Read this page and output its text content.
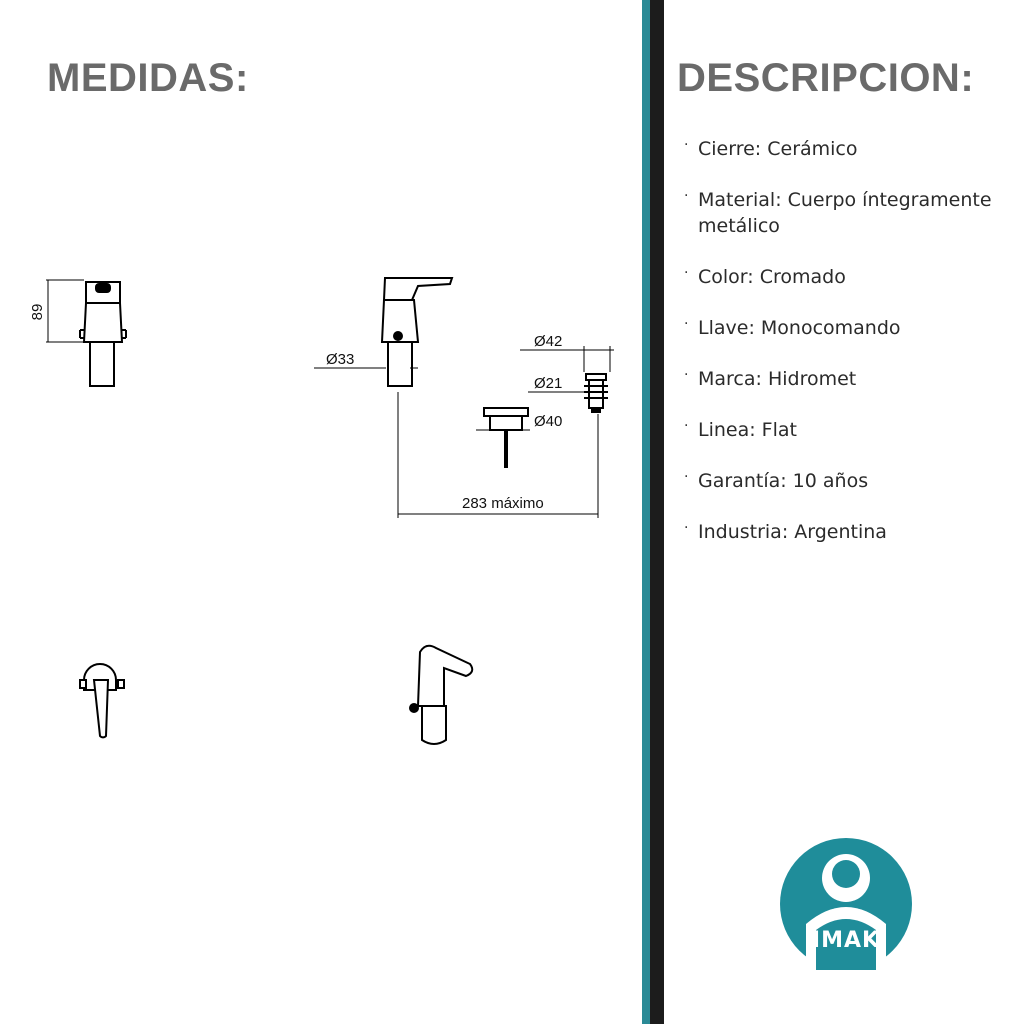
MEDIDAS:	DESCRIPCION:
89
Ø33
Ø42
Ø21
Ø40
283 máximo
· Cierre: Cerámico
· Material: Cuerpo íntegramente metálico
· Color: Cromado
· Llave: Monocomando
· Marca: Hidromet
· Linea: Flat
· Garantía: 10 años
· Industria: Argentina
IMAK
